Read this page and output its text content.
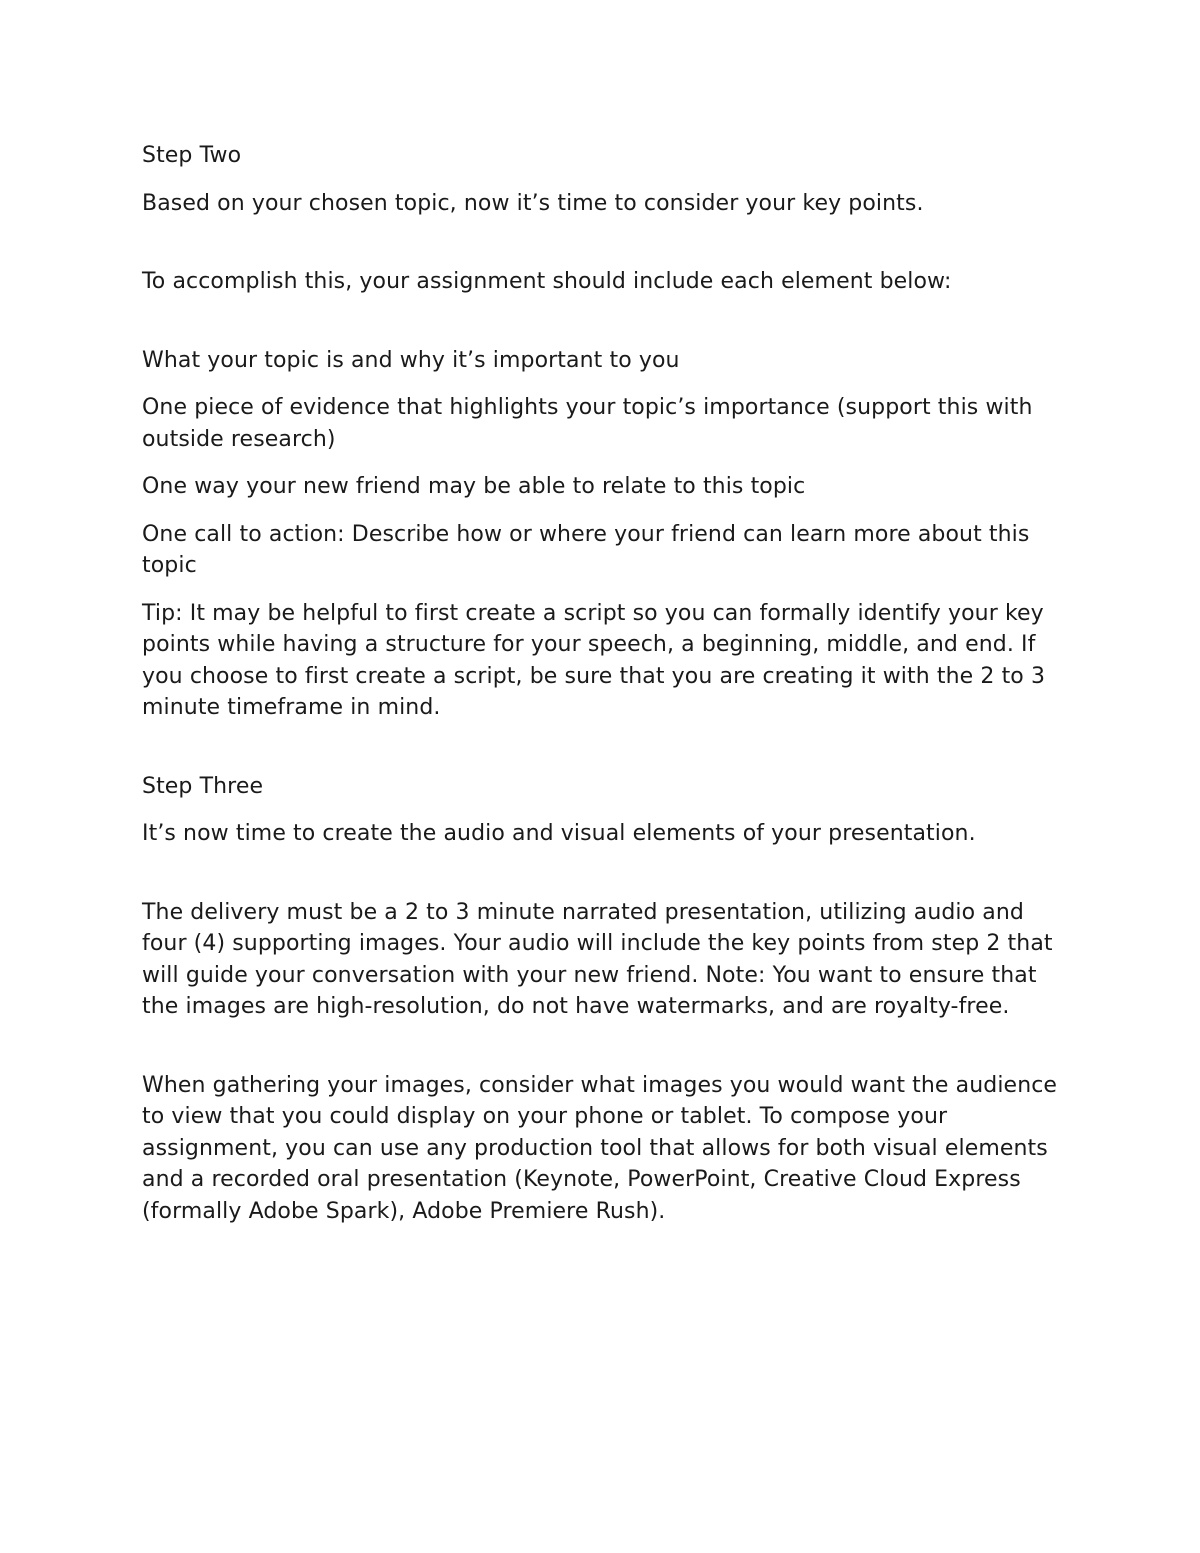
Step Two

Based on your chosen topic, now it’s time to consider your key points.

To accomplish this, your assignment should include each element below:

What your topic is and why it’s important to you

One piece of evidence that highlights your topic’s importance (support this with outside research)

One way your new friend may be able to relate to this topic

One call to action: Describe how or where your friend can learn more about this topic

Tip: It may be helpful to first create a script so you can formally identify your key points while having a structure for your speech, a beginning, middle, and end. If you choose to first create a script, be sure that you are creating it with the 2 to 3 minute timeframe in mind.

Step Three

It’s now time to create the audio and visual elements of your presentation.

The delivery must be a 2 to 3 minute narrated presentation, utilizing audio and four (4) supporting images. Your audio will include the key points from step 2 that will guide your conversation with your new friend. Note: You want to ensure that the images are high-resolution, do not have watermarks, and are royalty-free.

When gathering your images, consider what images you would want the audience to view that you could display on your phone or tablet. To compose your assignment, you can use any production tool that allows for both visual elements and a recorded oral presentation (Keynote, PowerPoint, Creative Cloud Express (formally Adobe Spark), Adobe Premiere Rush).
